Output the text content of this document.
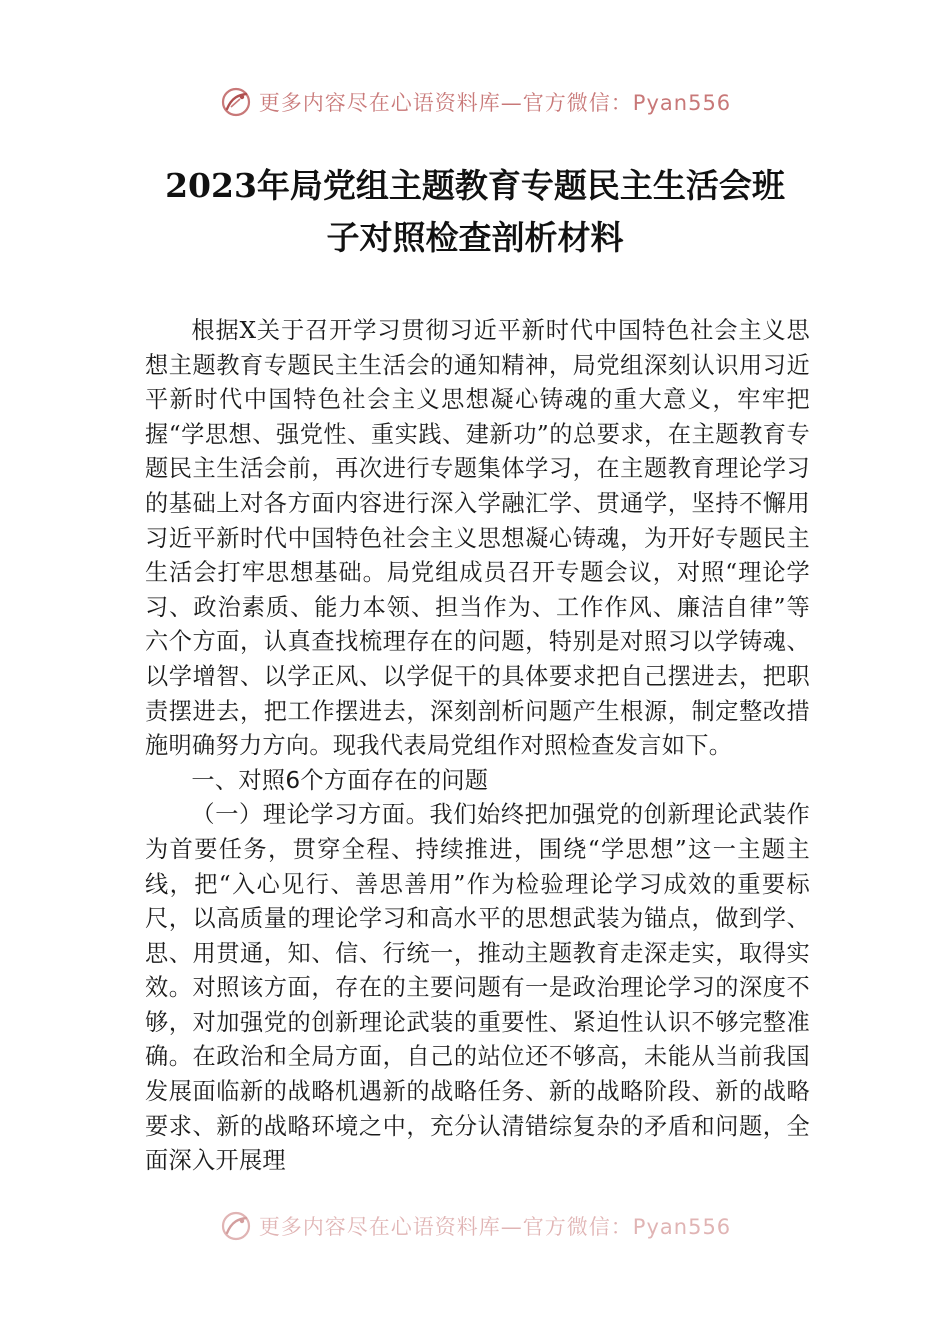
更多内容尽在心语资料库—官方微信：Pyan556
2023年局党组主题教育专题民主生活会班
子对照检查剖析材料

根据X关于召开学习贯彻习近平新时代中国特色社会主义思想主题教育专题民主生活会的通知精神，局党组深刻认识用习近平新时代中国特色社会主义思想凝心铸魂的重大意义，牢牢把握“学思想、强党性、重实践、建新功”的总要求，在主题教育专题民主生活会前，再次进行专题集体学习，在主题教育理论学习的基础上对各方面内容进行深入学融汇学、贯通学，坚持不懈用习近平新时代中国特色社会主义思想凝心铸魂，为开好专题民主生活会打牢思想基础。局党组成员召开专题会议，对照“理论学习、政治素质、能力本领、担当作为、工作作风、廉洁自律”等六个方面，认真查找梳理存在的问题，特别是对照习以学铸魂、以学增智、以学正风、以学促干的具体要求把自己摆进去，把职责摆进去，把工作摆进去，深刻剖析问题产生根源，制定整改措施明确努力方向。现我代表局党组作对照检查发言如下。

一、对照6个方面存在的问题

（一）理论学习方面。我们始终把加强党的创新理论武装作为首要任务，贯穿全程、持续推进，围绕“学思想”这一主题主线，把“入心见行、善思善用”作为检验理论学习成效的重要标尺，以高质量的理论学习和高水平的思想武装为锚点，做到学、思、用贯通，知、信、行统一，推动主题教育走深走实，取得实效。对照该方面，存在的主要问题有一是政治理论学习的深度不够，对加强党的创新理论武装的重要性、紧迫性认识不够完整准确。在政治和全局方面，自己的站位还不够高，未能从当前我国发展面临新的战略机遇新的战略任务、新的战略阶段、新的战略要求、新的战略环境之中，充分认清错综复杂的矛盾和问题，全面深入开展理

更多内容尽在心语资料库—官方微信：Pyan556
